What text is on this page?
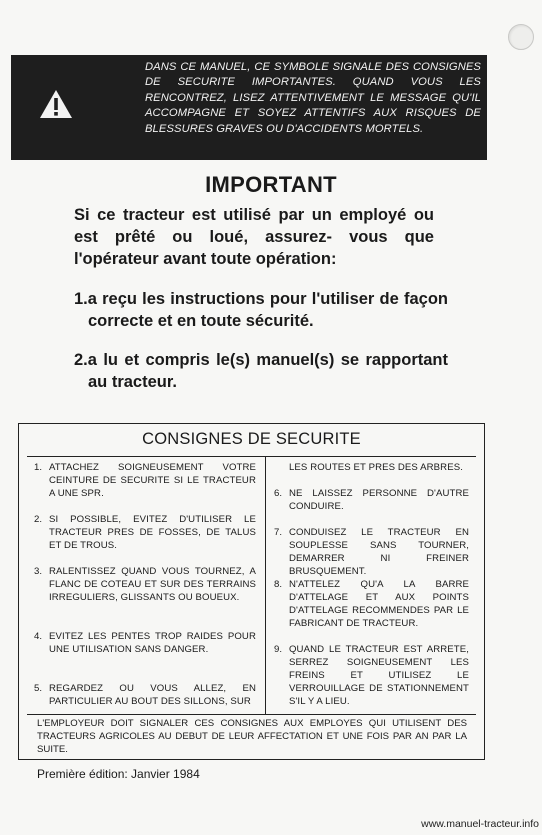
DANS CE MANUEL, CE SYMBOLE SIGNALE DES CONSIGNES DE SECURITE IMPORTANTES. QUAND VOUS LES RENCONTREZ, LISEZ ATTENTIVEMENT LE MESSAGE QU'IL ACCOMPAGNE ET SOYEZ ATTENTIFS AUX RISQUES DE BLESSURES GRAVES OU D'ACCIDENTS MORTELS.
IMPORTANT
Si ce tracteur est utilisé par un employé ou est prêté ou loué, assurez- vous que l'opérateur avant toute opération:
1.a reçu les instructions pour l'utiliser de façon correcte et en toute sécurité.
2.a lu et compris le(s) manuel(s) se rapportant au tracteur.
CONSIGNES DE SECURITE
1. ATTACHEZ SOIGNEUSEMENT VOTRE CEINTURE DE SECURITE SI LE TRACTEUR A UNE SPR.
2. SI POSSIBLE, EVITEZ D'UTILISER LE TRACTEUR PRES DE FOSSES, DE TALUS ET DE TROUS.
3. RALENTISSEZ QUAND VOUS TOURNEZ, A FLANC DE COTEAU ET SUR DES TERRAINS IRREGULIERS, GLISSANTS OU BOUEUX.
4. EVITEZ LES PENTES TROP RAIDES POUR UNE UTILISATION SANS DANGER.
5. REGARDEZ OU VOUS ALLEZ, EN PARTICULIER AU BOUT DES SILLONS, SUR
LES ROUTES ET PRES DES ARBRES.
6. NE LAISSEZ PERSONNE D'AUTRE CONDUIRE.
7. CONDUISEZ LE TRACTEUR EN SOUPLESSE SANS TOURNER, DEMARRER NI FREINER BRUSQUEMENT.
8. N'ATTELEZ QU'A LA BARRE D'ATTELAGE ET AUX POINTS D'ATTELAGE RECOMMENDES PAR LE FABRICANT DE TRACTEUR.
9. QUAND LE TRACTEUR EST ARRETE, SERREZ SOIGNEUSEMENT LES FREINS ET UTILISEZ LE VERROUILLAGE DE STATIONNEMENT S'IL Y A LIEU.
L'EMPLOYEUR DOIT SIGNALER CES CONSIGNES AUX EMPLOYES QUI UTILISENT DES TRACTEURS AGRICOLES AU DEBUT DE LEUR AFFECTATION ET UNE FOIS PAR AN PAR LA SUITE.
Première édition: Janvier 1984
www.manuel-tracteur.info
